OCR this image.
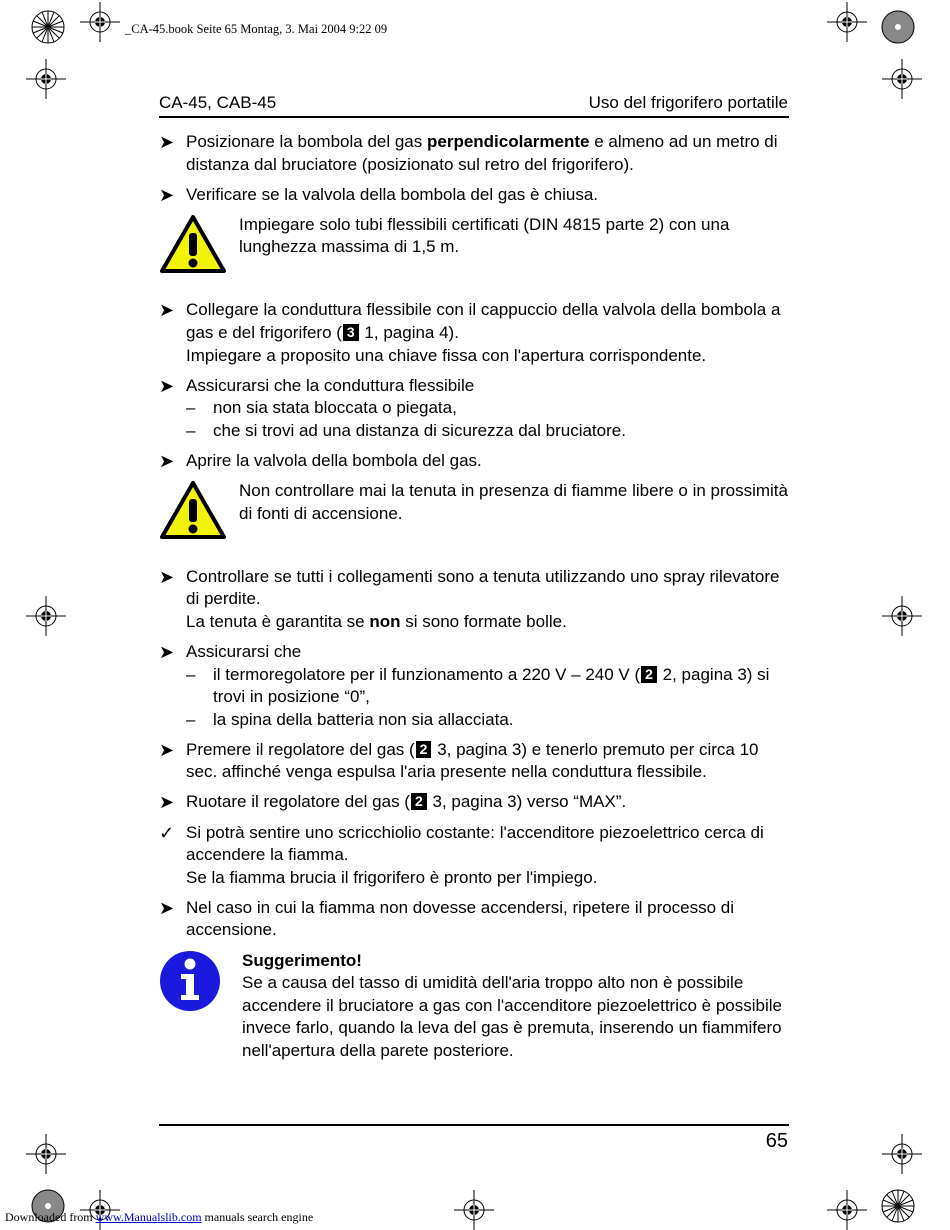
_CA-45.book Seite 65 Montag, 3. Mai 2004 9:22 09
CA-45, CAB-45	Uso del frigorifero portatile
➤ Posizionare la bombola del gas perpendicolarmente e almeno ad un metro di distanza dal bruciatore (posizionato sul retro del frigorifero).
➤ Verificare se la valvola della bombola del gas è chiusa.
Impiegare solo tubi flessibili certificati (DIN 4815 parte 2) con una lunghezza massima di 1,5 m.
➤ Collegare la conduttura flessibile con il cappuccio della valvola della bombola a gas e del frigorifero ( 3 1, pagina 4).
Impiegare a proposito una chiave fissa con l'apertura corrispondente.
➤ Assicurarsi che la conduttura flessibile
–	non sia stata bloccata o piegata,
–	che si trovi ad una distanza di sicurezza dal bruciatore.
➤ Aprire la valvola della bombola del gas.
Non controllare mai la tenuta in presenza di fiamme libere o in prossimità di fonti di accensione.
➤ Controllare se tutti i collegamenti sono a tenuta utilizzando uno spray rilevatore di perdite.
La tenuta è garantita se non si sono formate bolle.
➤ Assicurarsi che
–	il termoregolatore per il funzionamento a 220 V – 240 V ( 2 2, pagina 3) si trovi in posizione “0”,
–	la spina della batteria non sia allacciata.
➤ Premere il regolatore del gas ( 2 3, pagina 3) e tenerlo premuto per circa 10 sec. affinché venga espulsa l'aria presente nella conduttura flessibile.
➤ Ruotare il regolatore del gas ( 2 3, pagina 3) verso “MAX”.
✓ Si potrà sentire uno scricchiolio costante: l'accenditore piezoelettrico cerca di accendere la fiamma.
Se la fiamma brucia il frigorifero è pronto per l'impiego.
➤ Nel caso in cui la fiamma non dovesse accendersi, ripetere il processo di accensione.
Suggerimento!
Se a causa del tasso di umidità dell'aria troppo alto non è possibile accendere il bruciatore a gas con l'accenditore piezoelettrico è possibile invece farlo, quando la leva del gas è premuta, inserendo un fiammifero nell'apertura della parete posteriore.
65
Downloaded from www.Manualslib.com manuals search engine
